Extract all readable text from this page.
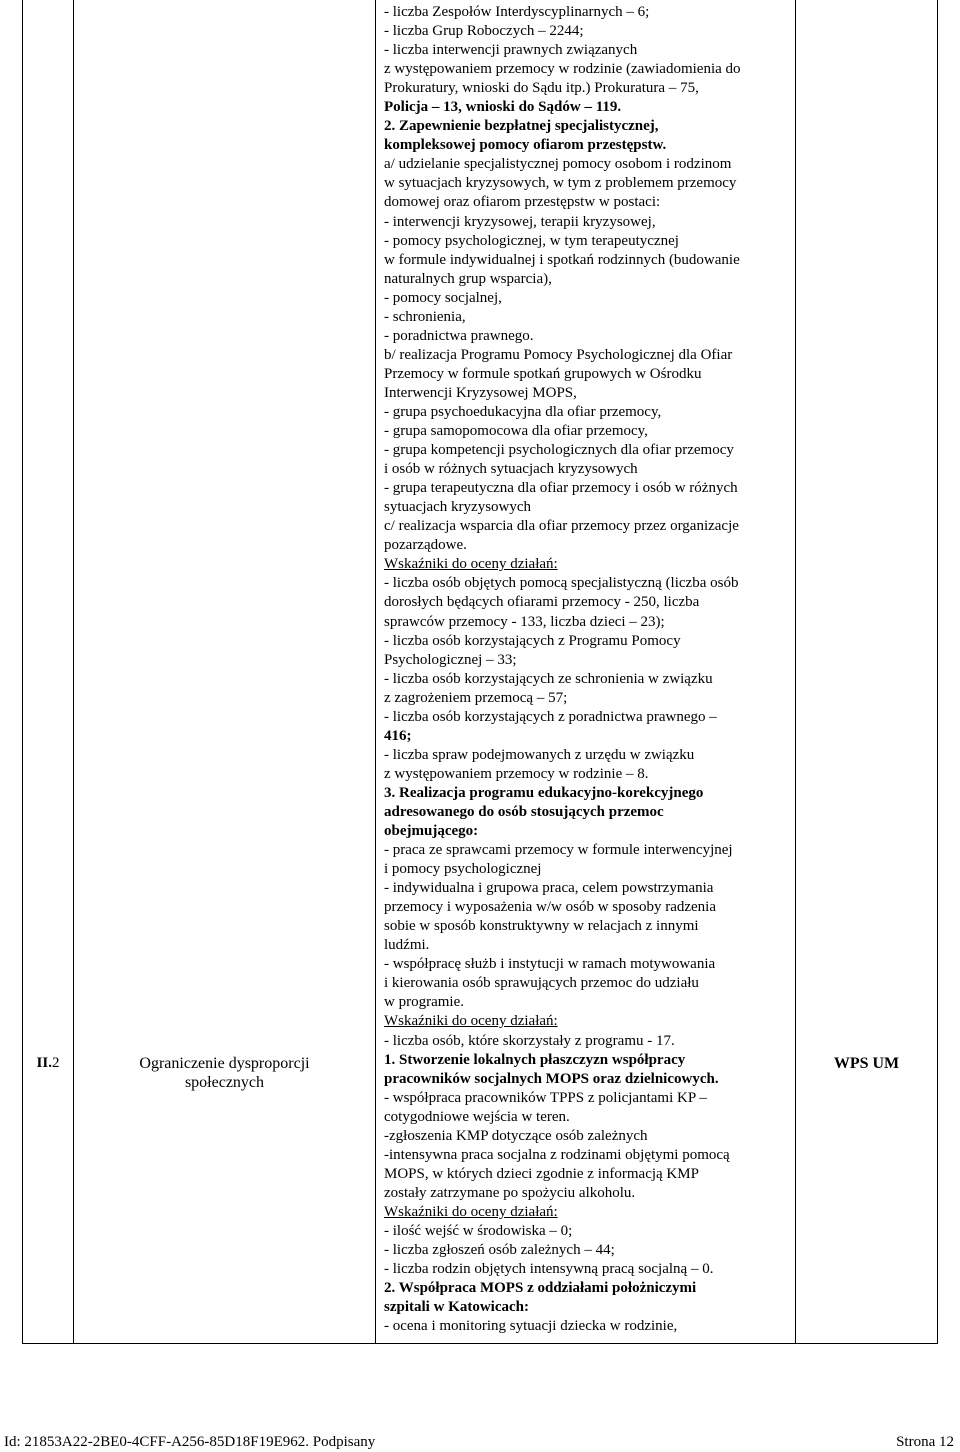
II.2	Ograniczenie dysproporcji
społecznych
WPS UM
- liczba Zespołów Interdyscyplinarnych – 6;
- liczba Grup Roboczych – 2244;
- liczba interwencji prawnych związanych
z występowaniem przemocy w rodzinie (zawiadomienia do
Prokuratury, wnioski do Sądu itp.) Prokuratura – 75,
Policja – 13, wnioski do Sądów – 119.
2. Zapewnienie bezpłatnej specjalistycznej,
kompleksowej pomocy ofiarom przestępstw.
a/ udzielanie specjalistycznej pomocy osobom i rodzinom
w sytuacjach kryzysowych, w tym z problemem przemocy
domowej oraz ofiarom przestępstw w postaci:
- interwencji kryzysowej, terapii kryzysowej,
- pomocy psychologicznej, w tym terapeutycznej
w formule indywidualnej i spotkań rodzinnych (budowanie
naturalnych grup wsparcia),
- pomocy socjalnej,
- schronienia,
- poradnictwa prawnego.
b/ realizacja Programu Pomocy Psychologicznej dla Ofiar
Przemocy w formule spotkań grupowych w Ośrodku
Interwencji Kryzysowej MOPS,
- grupa psychoedukacyjna dla ofiar przemocy,
- grupa samopomocowa dla ofiar przemocy,
- grupa kompetencji psychologicznych dla ofiar przemocy
i osób w różnych sytuacjach kryzysowych
- grupa terapeutyczna dla ofiar przemocy i osób w różnych
sytuacjach kryzysowych
c/ realizacja wsparcia dla ofiar przemocy przez organizacje
pozarządowe.
Wskaźniki do oceny działań:
- liczba osób objętych pomocą specjalistyczną (liczba osób
dorosłych będących ofiarami przemocy - 250, liczba
sprawców przemocy - 133, liczba dzieci – 23);
- liczba osób korzystających z Programu Pomocy
Psychologicznej – 33;
- liczba osób korzystających ze schronienia w związku
z zagrożeniem przemocą – 57;
- liczba osób korzystających z poradnictwa prawnego –
416;
- liczba spraw podejmowanych z urzędu w związku
z występowaniem przemocy w rodzinie – 8.
3. Realizacja programu edukacyjno-korekcyjnego
adresowanego do osób stosujących przemoc
obejmującego:
- praca ze sprawcami przemocy w formule interwencyjnej
i pomocy psychologicznej
- indywidualna i grupowa praca, celem powstrzymania
przemocy i wyposażenia w/w osób w sposoby radzenia
sobie w sposób konstruktywny w relacjach z innymi
ludźmi.
- współpracę służb i instytucji w ramach motywowania
i kierowania osób sprawujących przemoc do udziału
w programie.
Wskaźniki do oceny działań:
- liczba osób, które skorzystały z programu - 17.
1. Stworzenie lokalnych płaszczyzn współpracy
pracowników socjalnych MOPS oraz dzielnicowych.
- współpraca pracowników TPPS z policjantami KP –
cotygodniowe wejścia w teren.
-zgłoszenia KMP dotyczące osób zależnych
-intensywna praca socjalna z rodzinami objętymi pomocą
MOPS, w których dzieci zgodnie z informacją KMP
zostały zatrzymane po spożyciu alkoholu.
Wskaźniki do oceny działań:
- ilość wejść w środowiska – 0;
- liczba zgłoszeń osób zależnych – 44;
- liczba rodzin objętych intensywną pracą socjalną – 0.
2. Współpraca MOPS z oddziałami położniczymi
szpitali w Katowicach:
- ocena i monitoring sytuacji dziecka w rodzinie,
Id: 21853A22-2BE0-4CFF-A256-85D18F19E962. Podpisany	Strona 12
